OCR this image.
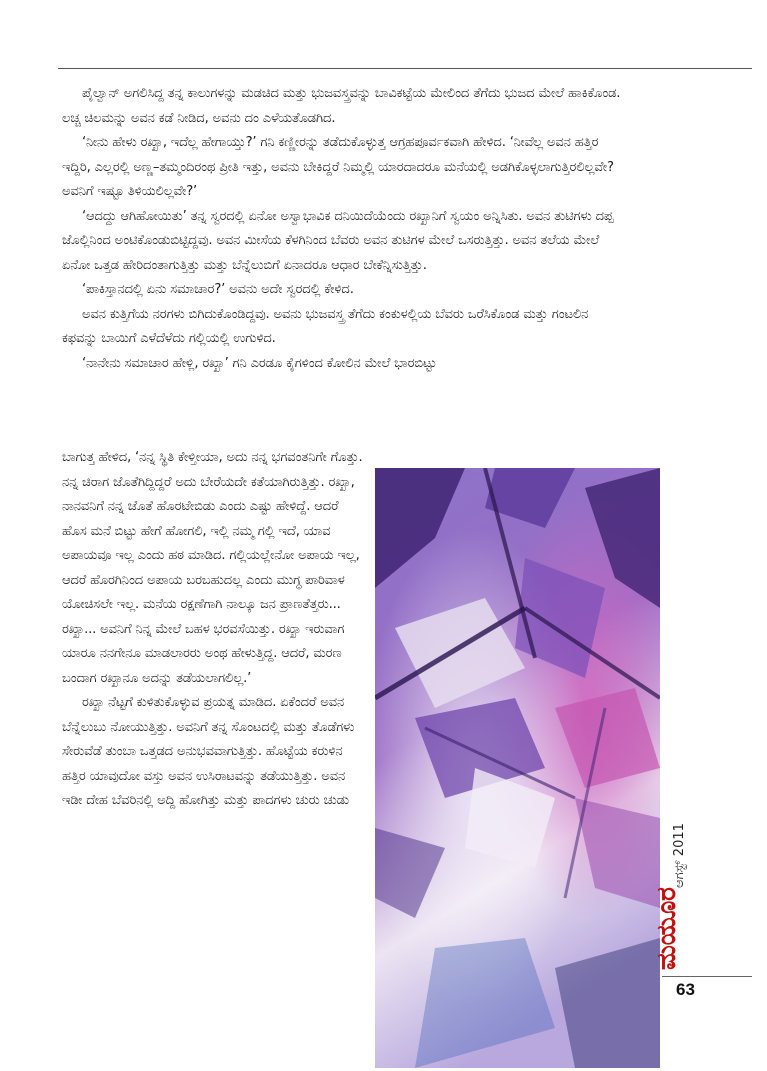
ಪೈಲ್ವಾನ್ ಅಗಲಿಸಿದ್ದ ತನ್ನ ಕಾಲುಗಳನ್ನು ಮಡಚಿದ ಮತ್ತು ಭುಜವಸ್ತ್ರವನ್ನು ಬಾವಿಕಟ್ಟೆಯ ಮೇಲಿಂದ ತೆಗೆದು ಭುಜದ ಮೇಲೆ ಹಾಕಿಕೊಂಡ. ಲಚ್ಚ ಚಿಲಮನ್ನು ಅವನ ಕಡೆ ನೀಡಿದ, ಅವನು ದಂ ಎಳೆಯತೊಡಗಿದ.

‘ನೀನು ಹೇಳು ರಖ್ಖಾ, ಇದೆಲ್ಲ ಹೇಗಾಯ್ತು?’ ಗನಿ ಕಣ್ಣೀರನ್ನು ತಡೆದುಕೊಳ್ಳುತ್ತ ಆಗ್ರಹಪೂರ್ವಕವಾಗಿ ಹೇಳಿದ. ‘ನೀವೆಲ್ಲ ಅವನ ಹತ್ತಿರ ಇದ್ದಿರಿ, ಎಲ್ಲರಲ್ಲಿ ಅಣ್ಣ–ತಮ್ಮಂದಿರಂಥ ಪ್ರೀತಿ ಇತ್ತು, ಅವನು ಬೇಕಿದ್ದರೆ ನಿಮ್ಮಲ್ಲಿ ಯಾರದಾದರೂ ಮನೆಯಲ್ಲಿ ಅಡಗಿಕೊಳ್ಳಲಾಗುತ್ತಿರಲಿಲ್ಲವೇ? ಅವನಿಗೆ ಇಷ್ಟೂ ತಿಳಿಯಲಿಲ್ಲವೇ?’

‘ಆದದ್ದು ಆಗಿಹೋಯಿತು’ ತನ್ನ ಸ್ವರದಲ್ಲಿ ಏನೋ ಅಸ್ವಾಭಾವಿಕ ದನಿಯಿದೆಯೆಂದು ರಖ್ಖಾನಿಗೆ ಸ್ವಯಂ ಅನ್ನಿಸಿತು. ಅವನ ತುಟಿಗಳು ದಪ್ಪ ಜೊಲ್ಲಿನಿಂದ ಅಂಟಿಕೊಂಡುಬಿಟ್ಟಿದ್ದವು. ಅವನ ಮೀಸೆಯ ಕೆಳಗಿನಿಂದ ಬೆವರು ಅವನ ತುಟಿಗಳ ಮೇಲೆ ಒಸರುತ್ತಿತ್ತು. ಅವನ ತಲೆಯ ಮೇಲೆ ಏನೋ ಒತ್ತಡ ಹೇರಿದಂತಾಗುತ್ತಿತ್ತು ಮತ್ತು ಬೆನ್ನೆಲುಬಿಗೆ ಏನಾದರೂ ಆಧಾರ ಬೇಕೆನ್ನಿಸುತ್ತಿತ್ತು.

‘ಪಾಕಿಸ್ತಾನದಲ್ಲಿ ಏನು ಸಮಾಚಾರ?’ ಅವನು ಅದೇ ಸ್ವರದಲ್ಲಿ ಕೇಳಿದ.

ಅವನ ಕುತ್ತಿಗೆಯ ನರಗಳು ಬಿಗಿದುಕೊಂಡಿದ್ದವು. ಅವನು ಭುಜವಸ್ತ್ರ ತೆಗೆದು ಕಂಕುಳಲ್ಲಿಯ ಬೆವರು ಒರೆಸಿಕೊಂಡ ಮತ್ತು ಗಂಟಲಿನ ಕಫವನ್ನು ಬಾಯಿಗೆ ಎಳೆದೆಳೆದು ಗಲ್ಲಿಯಲ್ಲಿ ಉಗುಳಿದ.

‘ನಾನೇನು ಸಮಾಚಾರ ಹೇಳ್ಲಿ, ರಖ್ಖಾ’ ಗನಿ ಎರಡೂ ಕೈಗಳಿಂದ ಕೋಲಿನ ಮೇಲೆ ಭಾರಬಿಟ್ಟು

ಬಾಗುತ್ತ ಹೇಳಿದ, ‘ನನ್ನ ಸ್ಥಿತಿ ಕೇಳ್ತೀಯಾ, ಅದು ನನ್ನ ಭಗವಂತನಿಗೇ ಗೊತ್ತು. ನನ್ನ ಚಿರಾಗ ಜೊತೆಗಿದ್ದಿದ್ದರೆ ಅದು ಬೇರೆಯದೇ ಕತೆಯಾಗಿರುತ್ತಿತ್ತು. ರಖ್ಖಾ, ನಾನವನಿಗೆ ನನ್ನ ಜೊತೆ ಹೊರಟೇಬಿಡು ಎಂದು ಎಷ್ಟು ಹೇಳಿದ್ದೆ. ಆದರೆ ಹೊಸ ಮನೆ ಬಿಟ್ಟು ಹೇಗೆ ಹೋಗಲಿ, ಇಲ್ಲಿ ನಮ್ಮ ಗಲ್ಲಿ ಇದೆ, ಯಾವ ಅಪಾಯವೂ ಇಲ್ಲ ಎಂದು ಹಠ ಮಾಡಿದ. ಗಲ್ಲಿಯಲ್ಲೇನೋ ಅಪಾಯ ಇಲ್ಲ, ಆದರೆ ಹೊರಗಿನಿಂದ ಅಪಾಯ ಬರಬಹುದಲ್ಲ ಎಂದು ಮುಗ್ಧ ಪಾರಿವಾಳ ಯೋಚಿಸಲೇ ಇಲ್ಲ. ಮನೆಯ ರಕ್ಷಣೆಗಾಗಿ ನಾಲ್ಕೂ ಜನ ಪ್ರಾಣತೆತ್ತರು... ರಖ್ಖಾ... ಅವನಿಗೆ ನಿನ್ನ ಮೇಲೆ ಬಹಳ ಭರವಸೆಯಿತ್ತು. ರಖ್ಖಾ ಇರುವಾಗ ಯಾರೂ ನನಗೇನೂ ಮಾಡಲಾರರು ಅಂಥ ಹೇಳುತ್ತಿದ್ದ. ಆದರೆ, ಮರಣ ಬಂದಾಗ ರಖ್ಖಾನೂ ಅದನ್ನು ತಡೆಯಲಾಗಲಿಲ್ಲ.’

ರಖ್ಖಾ ನೆಟ್ಟಗೆ ಕುಳಿತುಕೊಳ್ಳುವ ಪ್ರಯತ್ನ ಮಾಡಿದ. ಏಕೆಂದರೆ ಅವನ ಬೆನ್ನೆಲುಬು ನೋಯುತ್ತಿತ್ತು. ಅವನಿಗೆ ತನ್ನ ಸೊಂಟದಲ್ಲಿ ಮತ್ತು ತೊಡೆಗಳು ಸೇರುವೆಡೆ ತುಂಬಾ ಒತ್ತಡದ ಅನುಭವವಾಗುತ್ತಿತ್ತು. ಹೊಟ್ಟೆಯ ಕರುಳಿನ ಹತ್ತಿರ ಯಾವುದೋ ವಸ್ತು ಅವನ ಉಸಿರಾಟವನ್ನು ತಡೆಯುತ್ತಿತ್ತು. ಅವನ ಇಡೀ ದೇಹ ಬೆವರಿನಲ್ಲಿ ಅದ್ದಿ ಹೋಗಿತ್ತು ಮತ್ತು ಪಾದಗಳು ಚುರು ಚುಡು

ಮಯೂರ
ಆಗಸ್ಟ್ 2011
63
